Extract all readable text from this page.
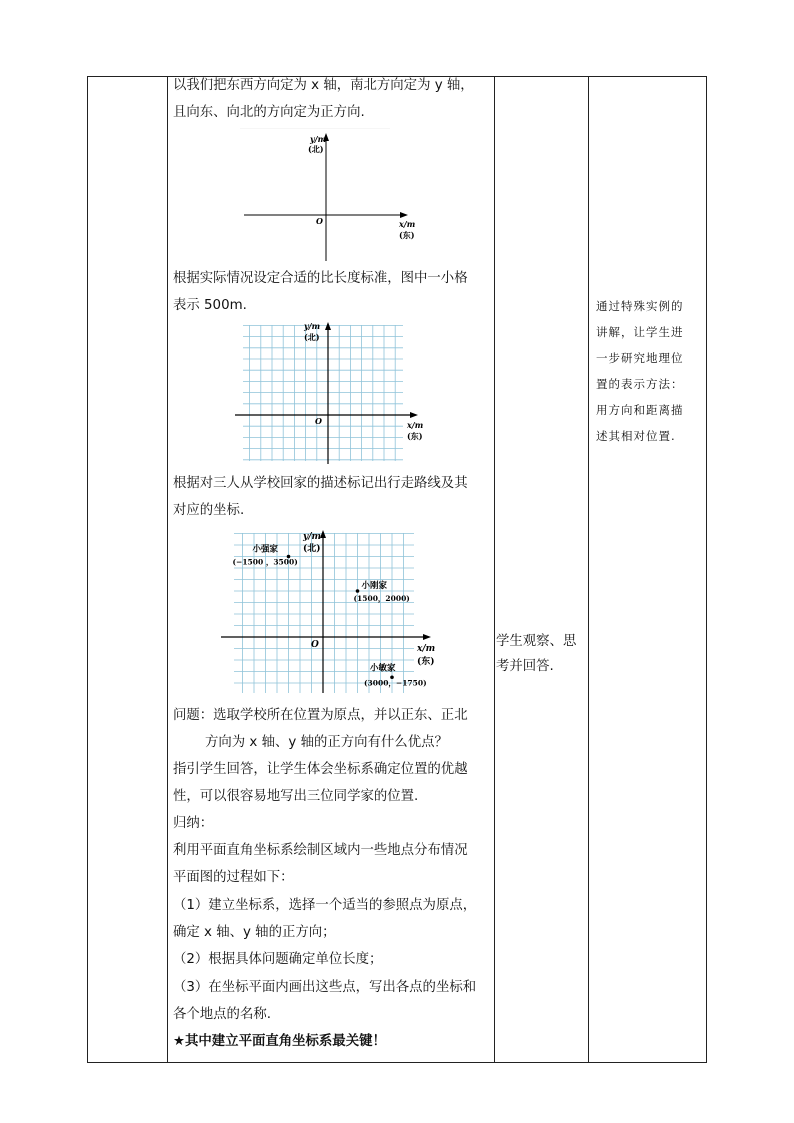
以我们把东西方向定为 x 轴，南北方向定为 y 轴，
且向东、向北的方向定为正方向.
根据实际情况设定合适的比长度标准，图中一小格
表示 500m.
根据对三人从学校回家的描述标记出行走路线及其
对应的坐标.
问题：选取学校所在位置为原点，并以正东、正北
方向为 x 轴、y 轴的正方向有什么优点？
指引学生回答，让学生体会坐标系确定位置的优越
性，可以很容易地写出三位同学家的位置.
归纳：
利用平面直角坐标系绘制区域内一些地点分布情况
平面图的过程如下：
（1）建立坐标系，选择一个适当的参照点为原点，
确定 x 轴、y 轴的正方向；
（2）根据具体问题确定单位长度；
（3）在坐标平面内画出这些点，写出各点的坐标和
各个地点的名称.
★其中建立平面直角坐标系最关键！
y/m
(北)
x/m
(东)
O
y/m
(北)
x/m
(东)
O
y/m
(北)
x/m
(东)
O
小强家
(−1500 ，3500)
小刚家
(1500，2000)
小敏家
(3000，−1750)
学生观察、思
考并回答.
通过特殊实例的
讲解，让学生进
一步研究地理位
置的表示方法：
用方向和距离描
述其相对位置.
